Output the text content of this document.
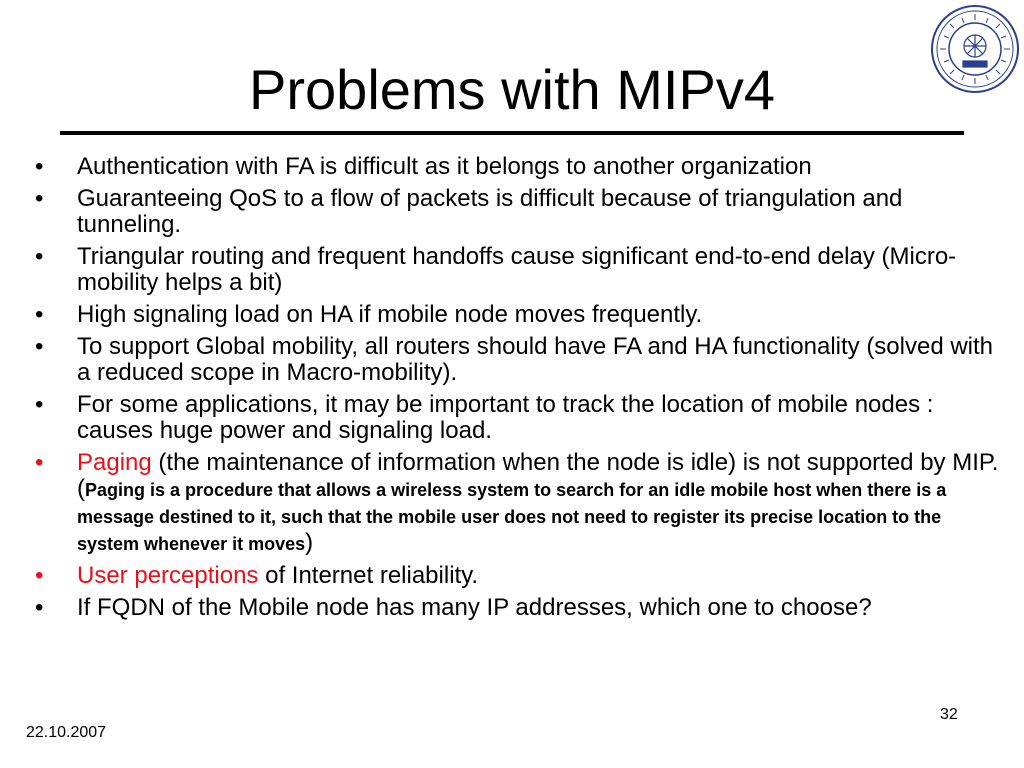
Problems with MIPv4
• Authentication with FA is difficult as it belongs to another organization
• Guaranteeing QoS to a flow of packets is difficult because of triangulation and tunneling.
• Triangular routing and frequent handoffs cause significant end-to-end delay (Micro-mobility helps a bit)
• High signaling load on HA if mobile node moves frequently.
• To support Global mobility, all routers should have FA and HA functionality (solved with a reduced scope in Macro-mobility).
• For some applications, it may be important to track the location of mobile nodes : causes huge power and signaling load.
• Paging (the maintenance of information when the node is idle) is not supported by MIP. (Paging is a procedure that allows a wireless system to search for an idle mobile host when there is a message destined to it, such that the mobile user does not need to register its precise location to the system whenever it moves)
• User perceptions of Internet reliability.
• If FQDN of the Mobile node has many IP addresses, which one to choose?
22.10.2007
32
